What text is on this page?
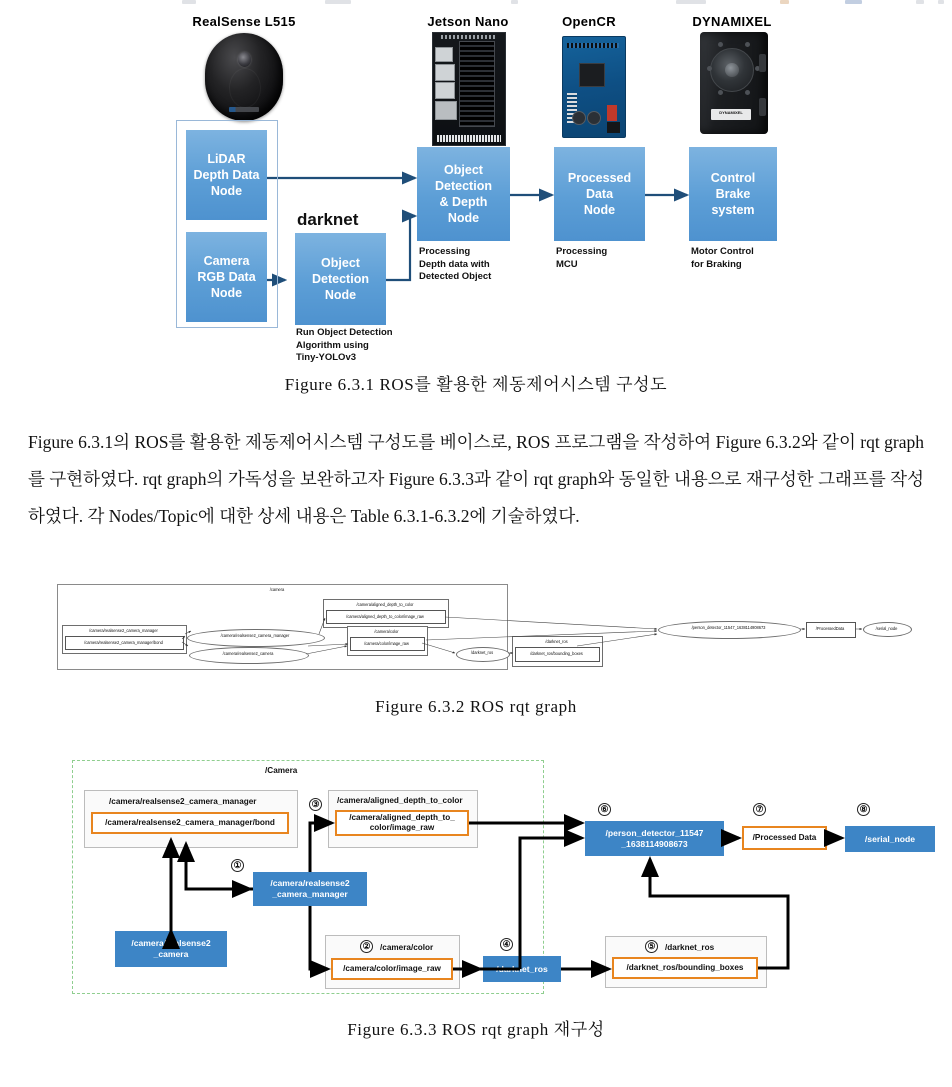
RealSense L515	Jetson Nano	OpenCR	DYNAMIXEL
DYNAMIXEL
LiDAR
Depth Data
Node
Camera
RGB Data
Node
Object
Detection
Node
Object
Detection
& Depth
Node
Processed
Data
Node
Control
Brake
system
darknet
Run Object Detection
Algorithm using
Tiny-YOLOv3
Processing
Depth data with
Detected Object
Processing
MCU
Motor Control
for Braking
Figure 6.3.1 ROS를 활용한 제동제어시스템 구성도
Figure 6.3.1의 ROS를 활용한 제동제어시스템 구성도를 베이스로, ROS 프로그램을 작성하여 Figure 6.3.2와 같이 rqt graph를 구현하였다. rqt graph의 가독성을 보완하고자 Figure 6.3.3과 같이 rqt graph와 동일한 내용으로 재구성한 그래프를 작성하였다. 각 Nodes/Topic에 대한 상세 내용은 Table 6.3.1-6.3.2에 기술하였다.
/camera
/camera/realsense2_camera_manager
/camera/realsense2_camera_manager/bond
/camera/realsense2_camera_manager
/camera/realsense2_camera
/camera/aligned_depth_to_color
/camera/aligned_depth_to_color/image_raw
/camera/color
/camera/color/image_raw
/darknet_ros
/darknet_ros
/darknet_ros/bounding_boxes
/person_detector_11547_1638114908673	/ProcessedData	/serial_node
Figure 6.3.2 ROS rqt graph
/Camera
/camera/realsense2_camera_manager
/camera/realsense2_camera_manager/bond
/camera/realsense2
_camera
①
/camera/realsense2
_camera_manager
③	/camera/aligned_depth_to_color
/camera/aligned_depth_to_
color/image_raw
②	/camera/color
/camera/color/image_raw
④
/darknet_ros
⑤	/darknet_ros
/darknet_ros/bounding_boxes
⑥
/person_detector_11547
_1638114908673
⑦
/Processed Data
⑧
/serial_node
Figure 6.3.3 ROS rqt graph 재구성
